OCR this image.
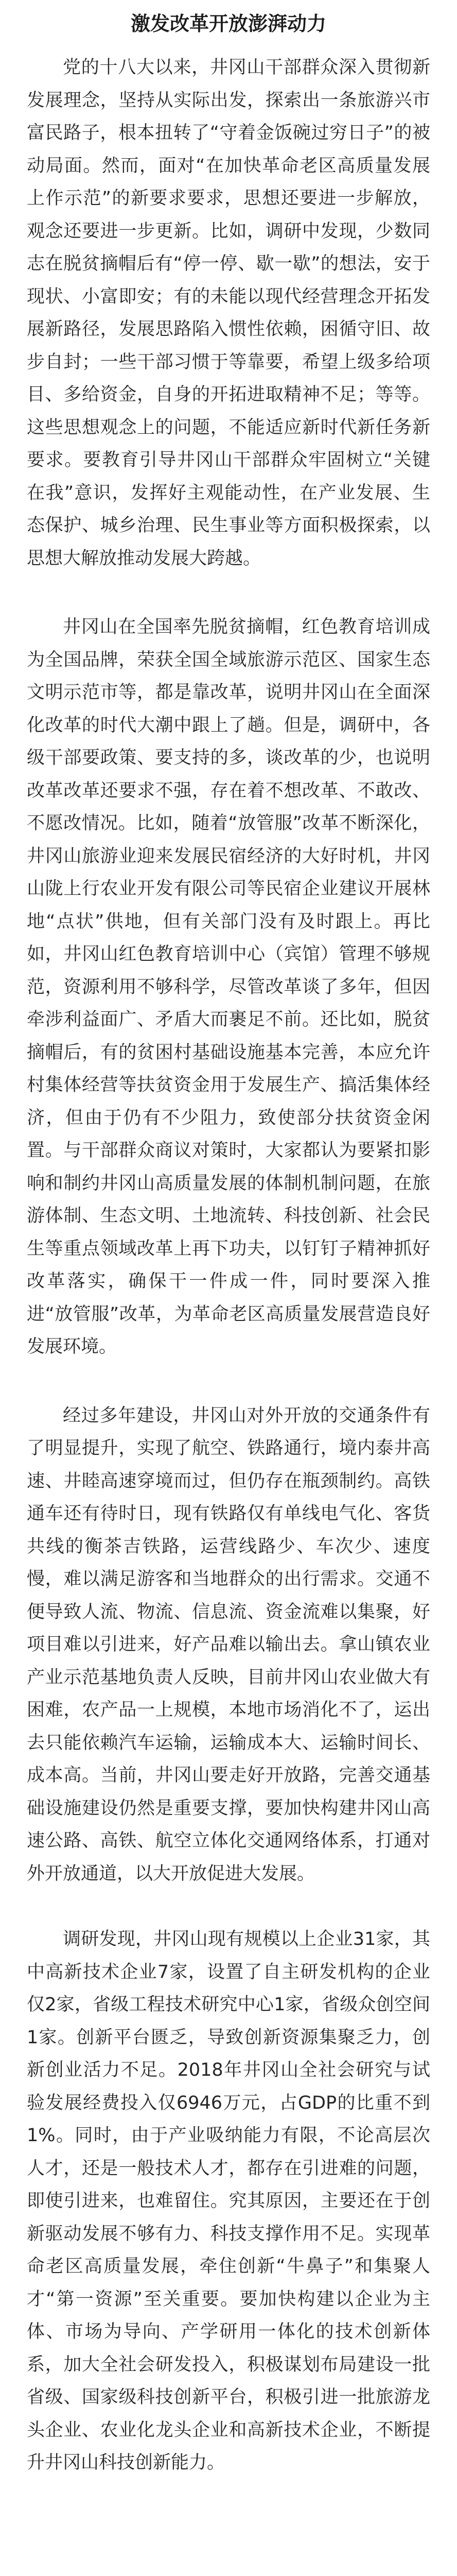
激发改革开放澎湃动力

党的十八大以来，井冈山干部群众深入贯彻新发展理念，坚持从实际出发，探索出一条旅游兴市富民路子，根本扭转了“守着金饭碗过穷日子”的被动局面。然而，面对“在加快革命老区高质量发展上作示范”的新要求要求，思想还要进一步解放，观念还要进一步更新。比如，调研中发现，少数同志在脱贫摘帽后有“停一停、歇一歇”的想法，安于现状、小富即安；有的未能以现代经营理念开拓发展新路径，发展思路陷入惯性依赖，困循守旧、故步自封；一些干部习惯于等靠要，希望上级多给项目、多给资金，自身的开拓进取精神不足；等等。这些思想观念上的问题，不能适应新时代新任务新要求。要教育引导井冈山干部群众牢固树立“关键在我”意识，发挥好主观能动性，在产业发展、生态保护、城乡治理、民生事业等方面积极探索，以思想大解放推动发展大跨越。

井冈山在全国率先脱贫摘帽，红色教育培训成为全国品牌，荣获全国全域旅游示范区、国家生态文明示范市等，都是靠改革，说明井冈山在全面深化改革的时代大潮中跟上了趟。但是，调研中，各级干部要政策、要支持的多，谈改革的少，也说明改革改革还要求不强，存在着不想改革、不敢改、不愿改情况。比如，随着“放管服”改革不断深化，井冈山旅游业迎来发展民宿经济的大好时机，井冈山陇上行农业开发有限公司等民宿企业建议开展林地“点状”供地，但有关部门没有及时跟上。再比如，井冈山红色教育培训中心（宾馆）管理不够规范，资源利用不够科学，尽管改革谈了多年，但因牵涉利益面广、矛盾大而裹足不前。还比如，脱贫摘帽后，有的贫困村基础设施基本完善，本应允许村集体经营等扶贫资金用于发展生产、搞活集体经济，但由于仍有不少阻力，致使部分扶贫资金闲置。与干部群众商议对策时，大家都认为要紧扣影响和制约井冈山高质量发展的体制机制问题，在旅游体制、生态文明、土地流转、科技创新、社会民生等重点领域改革上再下功夫，以钉钉子精神抓好改革落实，确保干一件成一件，同时要深入推进“放管服”改革，为革命老区高质量发展营造良好发展环境。

经过多年建设，井冈山对外开放的交通条件有了明显提升，实现了航空、铁路通行，境内泰井高速、井睦高速穿境而过，但仍存在瓶颈制约。高铁通车还有待时日，现有铁路仅有单线电气化、客货共线的衡茶吉铁路，运营线路少、车次少、速度慢，难以满足游客和当地群众的出行需求。交通不便导致人流、物流、信息流、资金流难以集聚，好项目难以引进来，好产品难以输出去。拿山镇农业产业示范基地负责人反映，目前井冈山农业做大有困难，农产品一上规模，本地市场消化不了，运出去只能依赖汽车运输，运输成本大、运输时间长、成本高。当前，井冈山要走好开放路，完善交通基础设施建设仍然是重要支撑，要加快构建井冈山高速公路、高铁、航空立体化交通网络体系，打通对外开放通道，以大开放促进大发展。

调研发现，井冈山现有规模以上企业31家，其中高新技术企业7家，设置了自主研发机构的企业仅2家，省级工程技术研究中心1家，省级众创空间1家。创新平台匮乏，导致创新资源集聚乏力，创新创业活力不足。2018年井冈山全社会研究与试验发展经费投入仅6946万元，占GDP的比重不到1%。同时，由于产业吸纳能力有限，不论高层次人才，还是一般技术人才，都存在引进难的问题，即使引进来，也难留住。究其原因，主要还在于创新驱动发展不够有力、科技支撑作用不足。实现革命老区高质量发展，牵住创新“牛鼻子”和集聚人才“第一资源”至关重要。要加快构建以企业为主体、市场为导向、产学研用一体化的技术创新体系，加大全社会研发投入，积极谋划布局建设一批省级、国家级科技创新平台，积极引进一批旅游龙头企业、农业化龙头企业和高新技术企业，不断提升井冈山科技创新能力。
